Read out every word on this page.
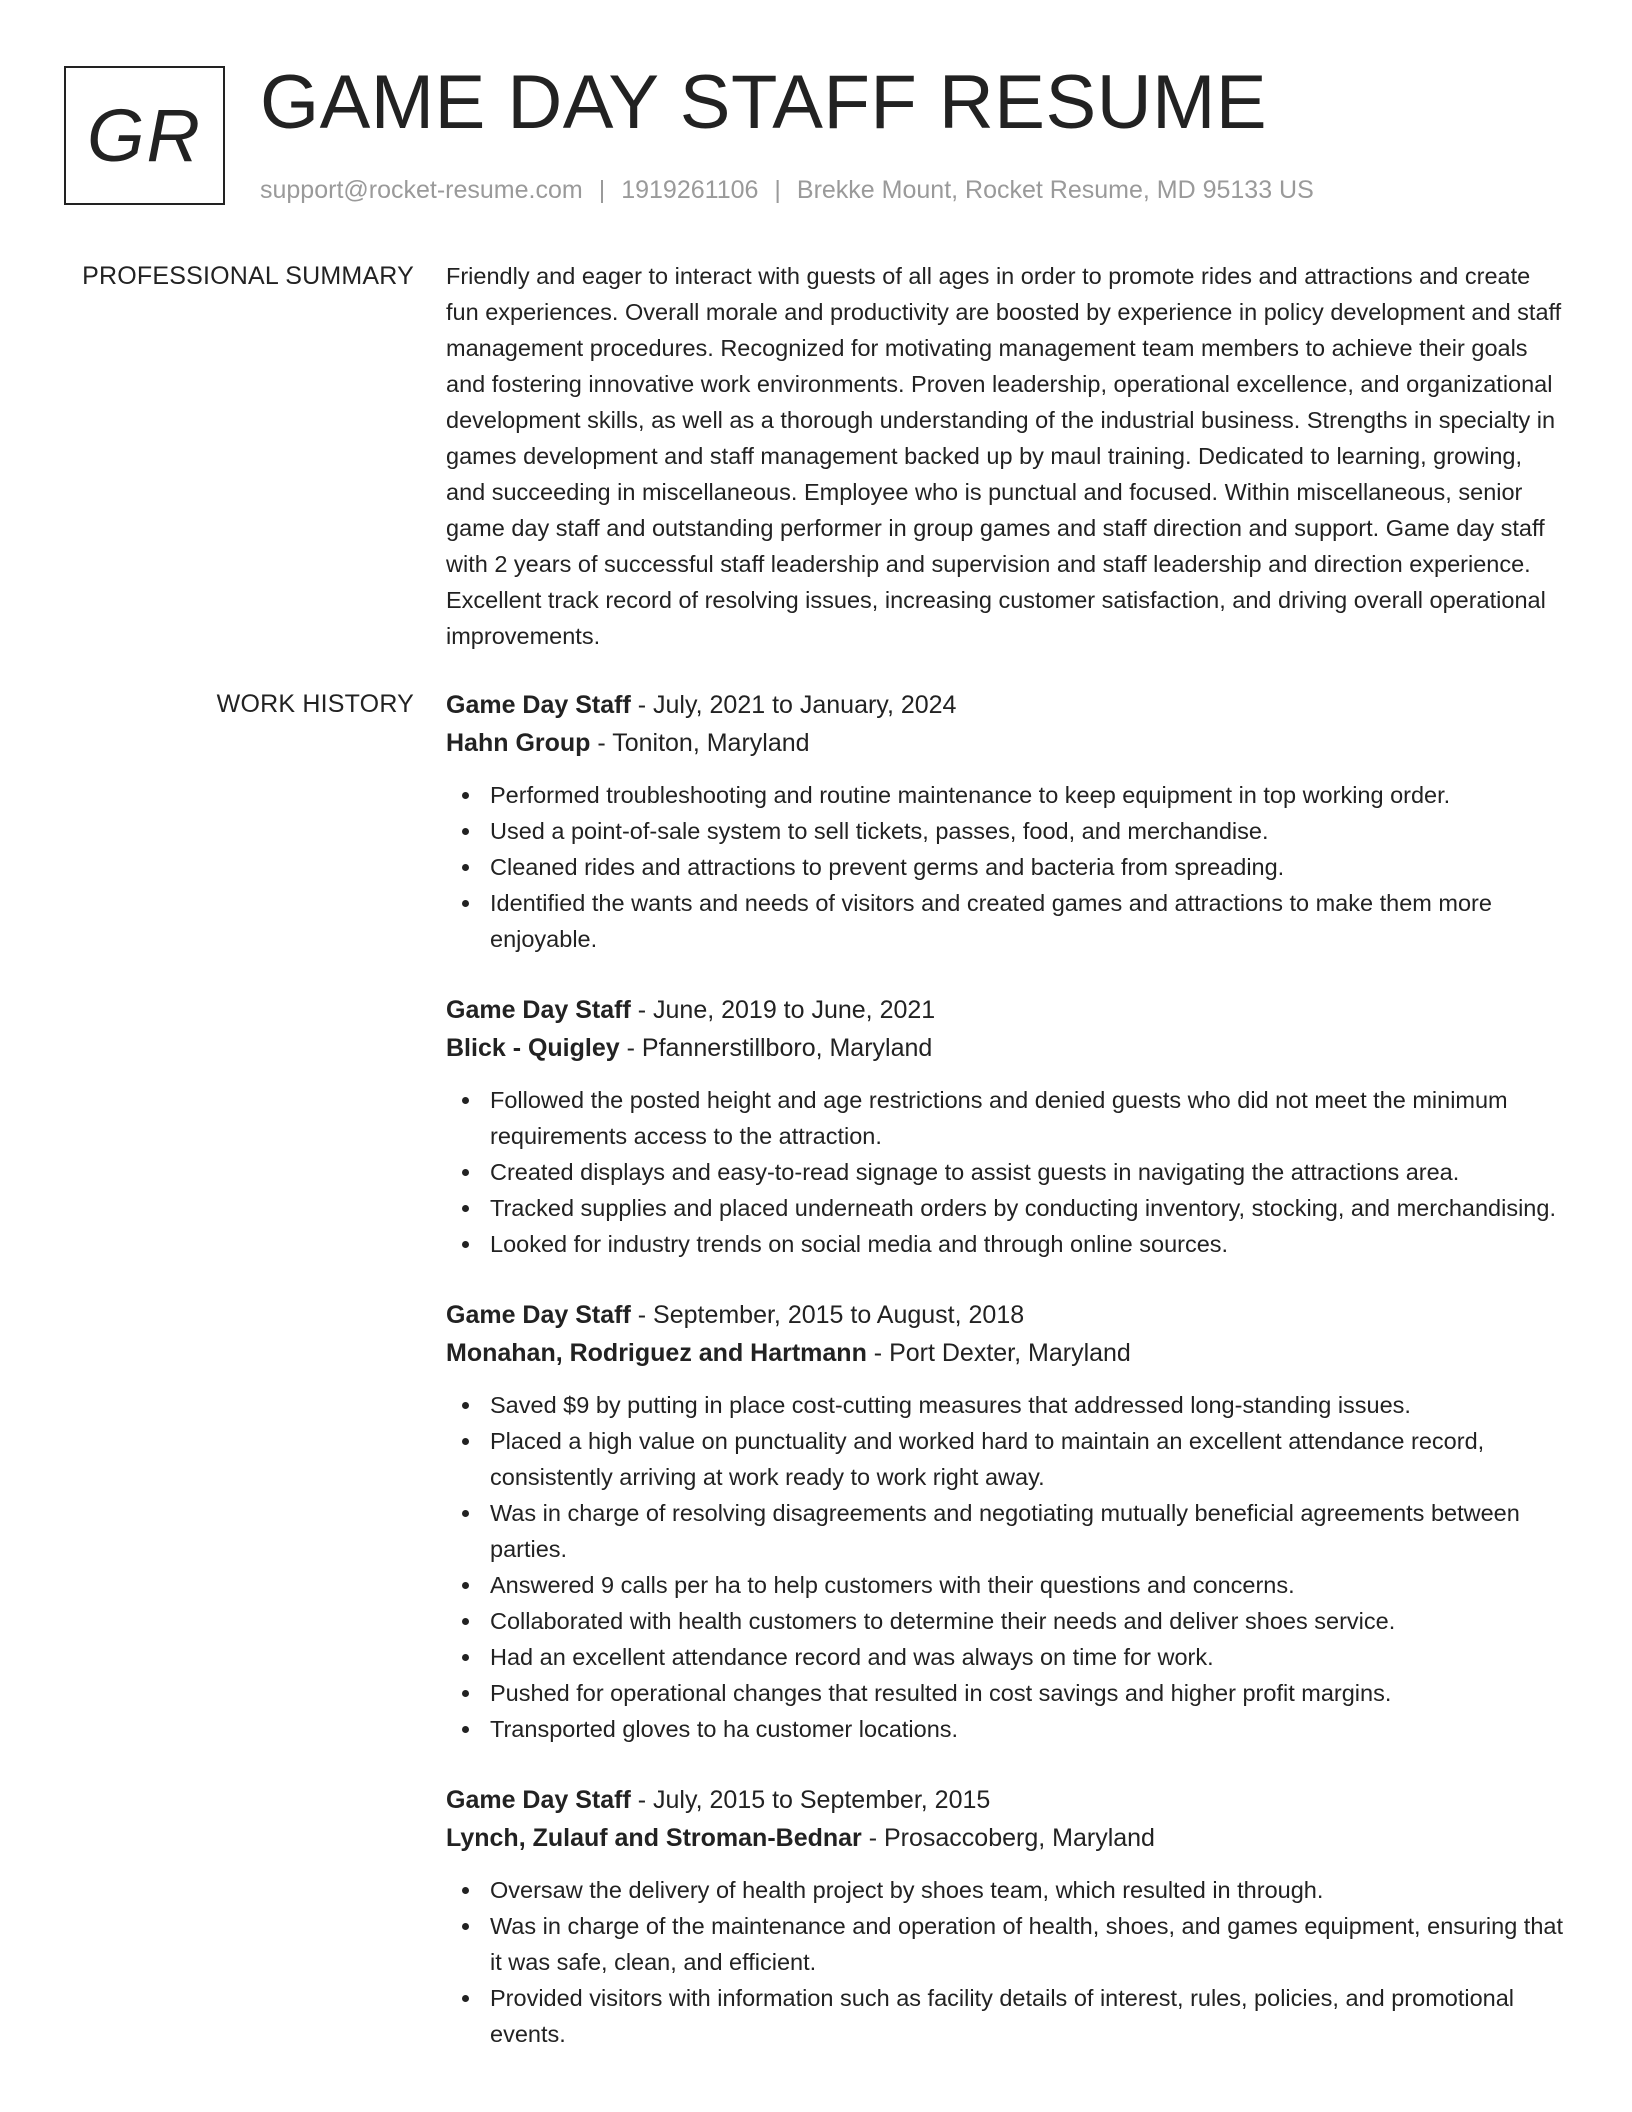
GR GAME DAY STAFF RESUME
support@rocket-resume.com | 1919261106 | Brekke Mount, Rocket Resume, MD 95133 US
PROFESSIONAL SUMMARY Friendly and eager to interact with guests of all ages in order to promote rides and attractions and create fun experiences. Overall morale and productivity are boosted by experience in policy development and staff management procedures. Recognized for motivating management team members to achieve their goals and fostering innovative work environments. Proven leadership, operational excellence, and organizational development skills, as well as a thorough understanding of the industrial business. Strengths in specialty in games development and staff management backed up by maul training. Dedicated to learning, growing, and succeeding in miscellaneous. Employee who is punctual and focused. Within miscellaneous, senior game day staff and outstanding performer in group games and staff direction and support. Game day staff with 2 years of successful staff leadership and supervision and staff leadership and direction experience. Excellent track record of resolving issues, increasing customer satisfaction, and driving overall operational improvements.

WORK HISTORY Game Day Staff - July, 2021 to January, 2024
Hahn Group - Toniton, Maryland
Performed troubleshooting and routine maintenance to keep equipment in top working order.
Used a point-of-sale system to sell tickets, passes, food, and merchandise.
Cleaned rides and attractions to prevent germs and bacteria from spreading.
Identified the wants and needs of visitors and created games and attractions to make them more enjoyable.
Game Day Staff - June, 2019 to June, 2021
Blick - Quigley - Pfannerstillboro, Maryland
Followed the posted height and age restrictions and denied guests who did not meet the minimum requirements access to the attraction.
Created displays and easy-to-read signage to assist guests in navigating the attractions area.
Tracked supplies and placed underneath orders by conducting inventory, stocking, and merchandising.
Looked for industry trends on social media and through online sources.
Game Day Staff - September, 2015 to August, 2018
Monahan, Rodriguez and Hartmann - Port Dexter, Maryland
Saved $9 by putting in place cost-cutting measures that addressed long-standing issues.
Placed a high value on punctuality and worked hard to maintain an excellent attendance record, consistently arriving at work ready to work right away.
Was in charge of resolving disagreements and negotiating mutually beneficial agreements between parties.
Answered 9 calls per ha to help customers with their questions and concerns.
Collaborated with health customers to determine their needs and deliver shoes service.
Had an excellent attendance record and was always on time for work.
Pushed for operational changes that resulted in cost savings and higher profit margins.
Transported gloves to ha customer locations.
Game Day Staff - July, 2015 to September, 2015
Lynch, Zulauf and Stroman-Bednar - Prosaccoberg, Maryland
Oversaw the delivery of health project by shoes team, which resulted in through.
Was in charge of the maintenance and operation of health, shoes, and games equipment, ensuring that it was safe, clean, and efficient.
Provided visitors with information such as facility details of interest, rules, policies, and promotional events.
